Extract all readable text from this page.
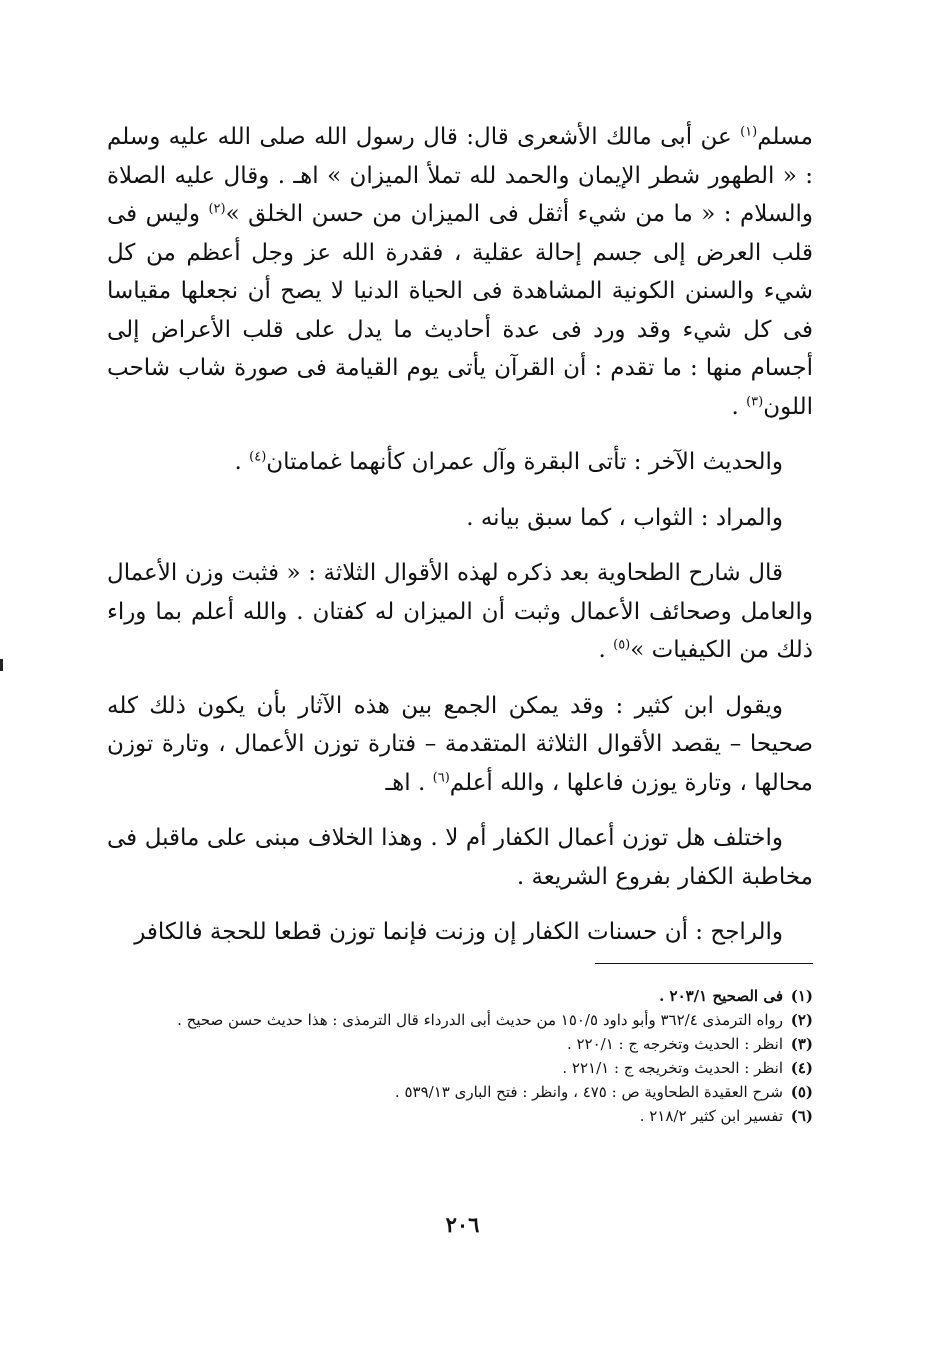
مسلم$^{(١)}$ عن أبى مالك الأشعرى قال: قال رسول الله صلى الله عليه وسلم : « الطهور شطر الإيمان والحمد لله تملأ الميزان » اهـ . وقال عليه الصلاة والسلام : « ما من شيء أثقل فى الميزان من حسن الخلق »$^{(٢)}$ وليس فى قلب العرض إلى جسم إحالة عقلية ، فقدرة الله عز وجل أعظم من كل شيء والسنن الكونية المشاهدة فى الحياة الدنيا لا يصح أن نجعلها مقياسا فى كل شيء وقد ورد فى عدة أحاديث ما يدل على قلب الأعراض إلى أجسام منها : ما تقدم : أن القرآن يأتى يوم القيامة فى صورة شاب شاحب اللون$^{(٣)}$ .

والحديث الآخر : تأتى البقرة وآل عمران كأنهما غمامتان$^{(٤)}$ .

والمراد : الثواب ، كما سبق بيانه .

قال شارح الطحاوية بعد ذكره لهذه الأقوال الثلاثة : « فثبت وزن الأعمال والعامل وصحائف الأعمال وثبت أن الميزان له كفتان . والله أعلم بما وراء ذلك من الكيفيات »$^{(٥)}$ .

ويقول ابن كثير : وقد يمكن الجمع بين هذه الآثار بأن يكون ذلك كله صحيحا – يقصد الأقوال الثلاثة المتقدمة – فتارة توزن الأعمال ، وتارة توزن محالها ، وتارة يوزن فاعلها ، والله أعلم$^{(٦)}$ . اهـ

واختلف هل توزن أعمال الكفار أم لا . وهذا الخلاف مبنى على ماقبل فى مخاطبة الكفار بفروع الشريعة .

والراجح : أن حسنات الكفار إن وزنت فإنما توزن قطعا للحجة فالكافر

(١)
فى الصحيح ٢٠٣/١ .
(٢)
رواه الترمذى ٣٦٢/٤ وأبو داود ١٥٠/٥ من حديث أبى الدرداء قال الترمذى : هذا حديث حسن صحيح .
(٣)
انظر : الحديث وتخرجه ج : ٢٢٠/١ .
(٤)
انظر : الحديث وتخريجه ج : ٢٢١/١ .
(٥)
شرح العقيدة الطحاوية ص : ٤٧٥ ، وانظر : فتح البارى ٥٣٩/١٣ .
(٦)
تفسير ابن كثير ٢١٨/٢ .
٢٠٦
